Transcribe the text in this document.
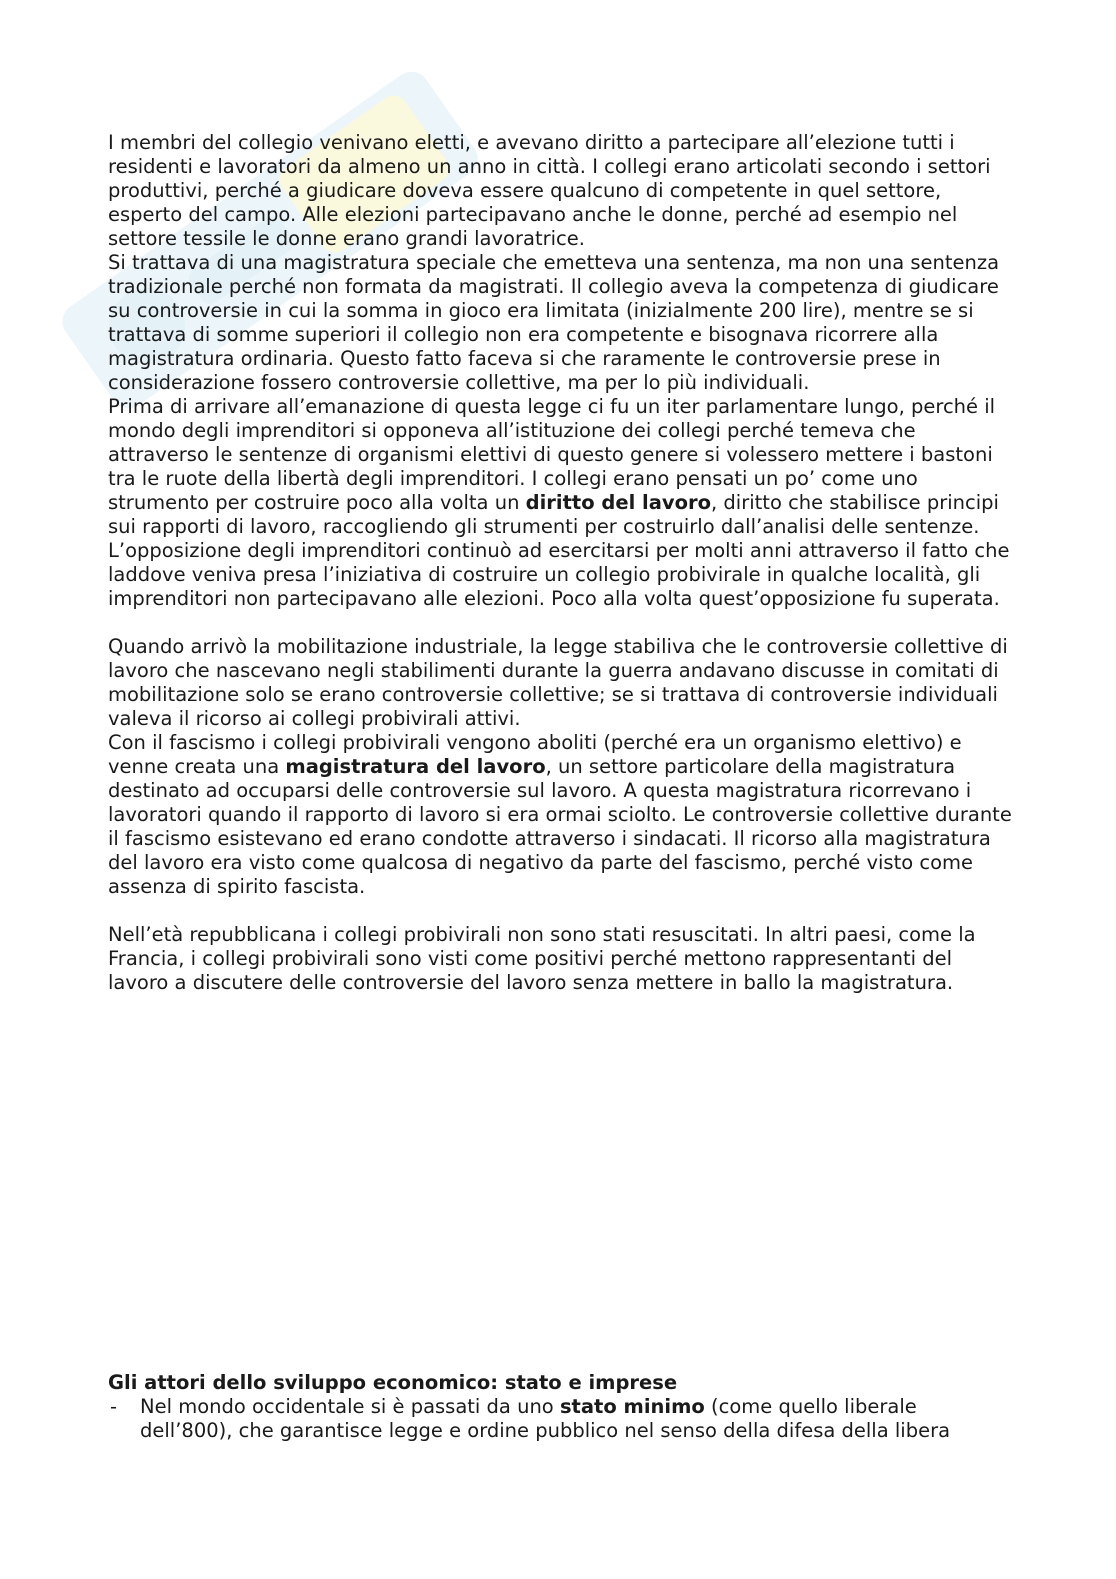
I membri del collegio venivano eletti, e avevano diritto a partecipare all’elezione tutti i residenti e lavoratori da almeno un anno in città. I collegi erano articolati secondo i settori produttivi, perché a giudicare doveva essere qualcuno di competente in quel settore, esperto del campo. Alle elezioni partecipavano anche le donne, perché ad esempio nel settore tessile le donne erano grandi lavoratrice.

Si trattava di una magistratura speciale che emetteva una sentenza, ma non una sentenza tradizionale perché non formata da magistrati. Il collegio aveva la competenza di giudicare su controversie in cui la somma in gioco era limitata (inizialmente 200 lire), mentre se si trattava di somme superiori il collegio non era competente e bisognava ricorrere alla magistratura ordinaria. Questo fatto faceva si che raramente le controversie prese in considerazione fossero controversie collettive, ma per lo più individuali.

Prima di arrivare all’emanazione di questa legge ci fu un iter parlamentare lungo, perché il mondo degli imprenditori si opponeva all’istituzione dei collegi perché temeva che attraverso le sentenze di organismi elettivi di questo genere si volessero mettere i bastoni tra le ruote della libertà degli imprenditori. I collegi erano pensati un po’ come uno strumento per costruire poco alla volta un diritto del lavoro, diritto che stabilisce principi sui rapporti di lavoro, raccogliendo gli strumenti per costruirlo dall’analisi delle sentenze.

L’opposizione degli imprenditori continuò ad esercitarsi per molti anni attraverso il fatto che laddove veniva presa l’iniziativa di costruire un collegio probivirale in qualche località, gli imprenditori non partecipavano alle elezioni. Poco alla volta quest’opposizione fu superata.

Quando arrivò la mobilitazione industriale, la legge stabiliva che le controversie collettive di lavoro che nascevano negli stabilimenti durante la guerra andavano discusse in comitati di mobilitazione solo se erano controversie collettive; se si trattava di controversie individuali valeva il ricorso ai collegi probivirali attivi.

Con il fascismo i collegi probivirali vengono aboliti (perché era un organismo elettivo) e venne creata una magistratura del lavoro, un settore particolare della magistratura destinato ad occuparsi delle controversie sul lavoro. A questa magistratura ricorrevano i lavoratori quando il rapporto di lavoro si era ormai sciolto. Le controversie collettive durante il fascismo esistevano ed erano condotte attraverso i sindacati. Il ricorso alla magistratura del lavoro era visto come qualcosa di negativo da parte del fascismo, perché visto come assenza di spirito fascista.

Nell’età repubblicana i collegi probivirali non sono stati resuscitati. In altri paesi, come la Francia, i collegi probivirali sono visti come positivi perché mettono rappresentanti del lavoro a discutere delle controversie del lavoro senza mettere in ballo la magistratura.

Gli attori dello sviluppo economico: stato e imprese
- Nel mondo occidentale si è passati da uno stato minimo (come quello liberale dell’800), che garantisce legge e ordine pubblico nel senso della difesa della libera
